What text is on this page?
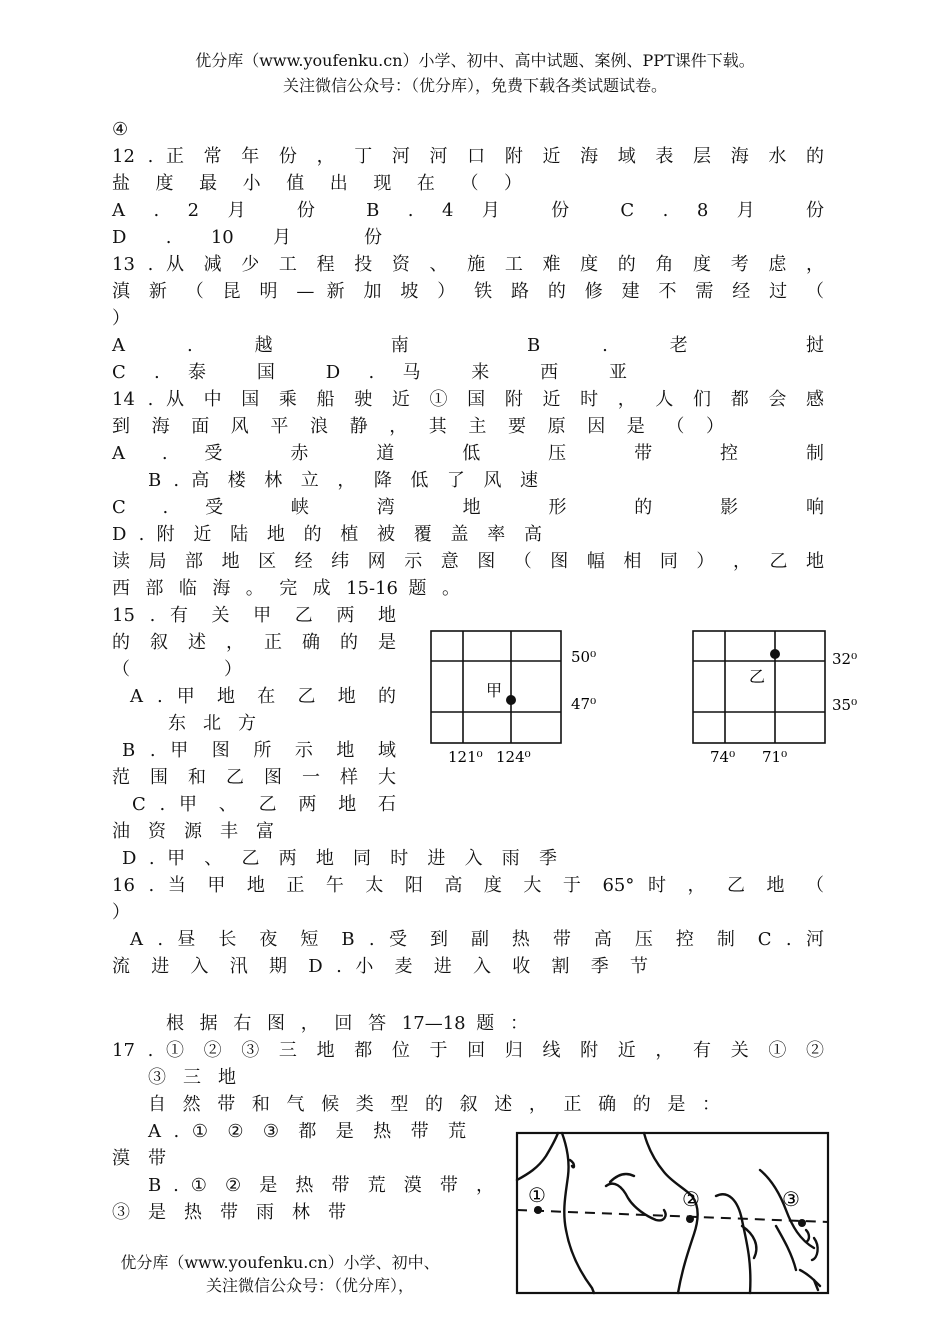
优分库（www.youfenku.cn）小学、初中、高中试题、案例、PPT课件下载。
关注微信公众号：（优分库），免费下载各类试题试卷。
④
12 . 正 常 年 份 ， 丁 河 河 口 附 近 海 域 表 层 海 水 的
盐 度 最 小 值 出 现 在 （ ）
A . 2 月 份 B . 4 月 份 C . 8 月 份
D . 10 月 份
13 . 从 减 少 工 程 投 资 、 施 工 难 度 的 角 度 考 虑 ，
滇 新 （ 昆 明 — 新 加 坡 ） 铁 路 的 修 建 不 需 经 过 （
）
A . 越 南 B . 老 挝
C . 泰 国 D . 马 来 西 亚
14 . 从 中 国 乘 船 驶 近 ① 国 附 近 时 ， 人 们 都 会 感
到 海 面 风 平 浪 静 ， 其 主 要 原 因 是 （ ）
A . 受 赤 道 低 压 带 控 制
B . 高 楼 林 立 ， 降 低 了 风 速
C . 受 峡 湾 地 形 的 影 响
D . 附 近 陆 地 的 植 被 覆 盖 率 高
读 局 部 地 区 经 纬 网 示 意 图 （ 图 幅 相 同 ） ， 乙 地
西 部 临 海 。 完 成 15-16 题 。
15 . 有 关 甲 乙 两 地
的 叙 述 ， 正 确 的 是
（ ）
A . 甲 地 在 乙 地 的
东 北 方
B . 甲 图 所 示 地 域
范 围 和 乙 图 一 样 大
C . 甲 、 乙 两 地 石
油 资 源 丰 富
D . 甲 、 乙 两 地 同 时 进 入 雨 季
16 . 当 甲 地 正 午 太 阳 高 度 大 于 65° 时 ， 乙 地 （
）
A . 昼 长 夜 短 B . 受 到 副 热 带 高 压 控 制 C . 河
流 进 入 汛 期 D . 小 麦 进 入 收 割 季 节
根 据 右 图 ， 回 答 17—18 题 ：
17 . ① ② ③ 三 地 都 位 于 回 归 线 附 近 ， 有 关 ① ②
③ 三 地
自 然 带 和 气 候 类 型 的 叙 述 ， 正 确 的 是 ：
A . ① ② ③ 都 是 热 带 荒
漠 带
B . ① ② 是 热 带 荒 漠 带 ，
③ 是 热 带 雨 林 带
甲
50⁰
47⁰
121⁰ 124⁰
乙
32⁰
35⁰
74⁰ 71⁰
①	②	③
优分库（www.youfenku.cn）小学、初中、
关注微信公众号：（优分库），
